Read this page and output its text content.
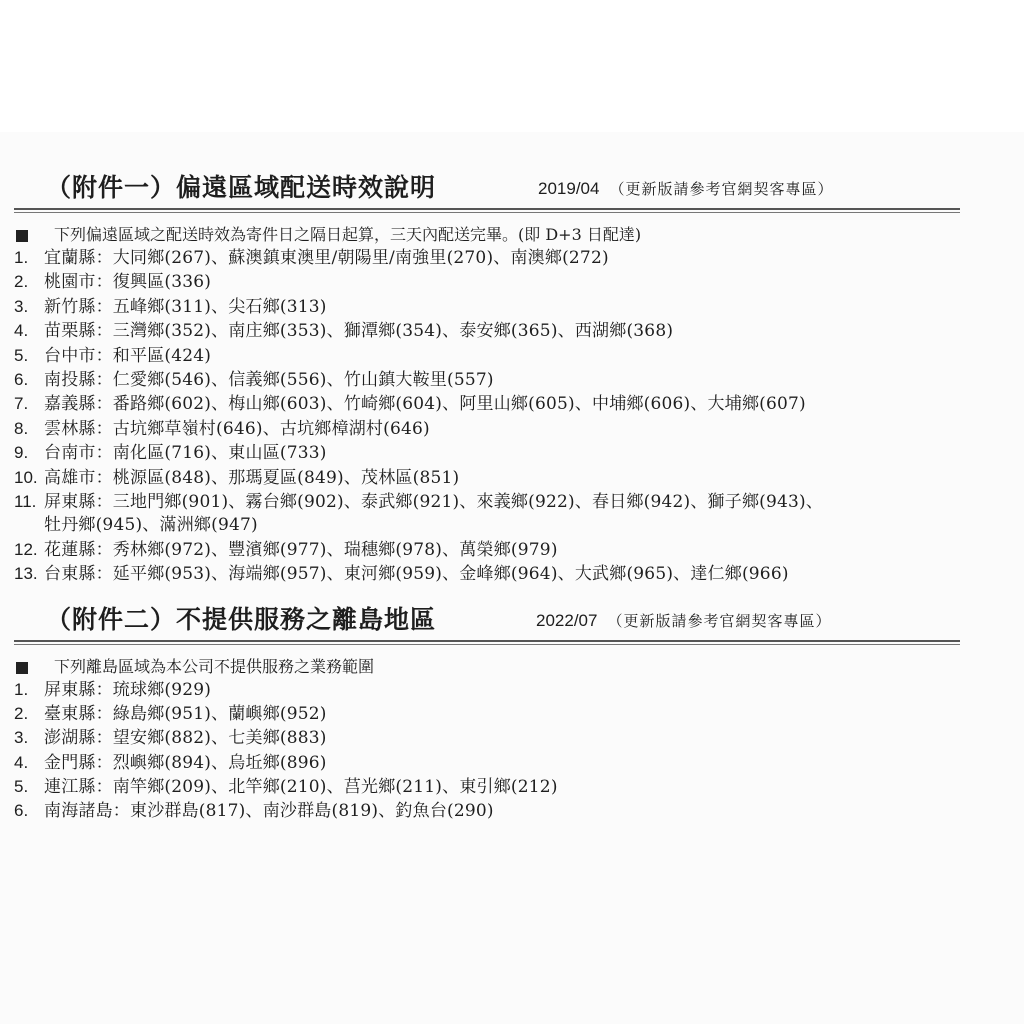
（附件一）偏遠區域配送時效說明	2019/04 （更新版請參考官網契客專區）
下列偏遠區域之配送時效為寄件日之隔日起算，三天內配送完畢。(即 D+3 日配達)
1. 宜蘭縣：大同鄉(267)、蘇澳鎮東澳里/朝陽里/南強里(270)、南澳鄉(272)
2. 桃園市：復興區(336)
3. 新竹縣：五峰鄉(311)、尖石鄉(313)
4. 苗栗縣：三灣鄉(352)、南庄鄉(353)、獅潭鄉(354)、泰安鄉(365)、西湖鄉(368)
5. 台中市：和平區(424)
6. 南投縣：仁愛鄉(546)、信義鄉(556)、竹山鎮大鞍里(557)
7. 嘉義縣：番路鄉(602)、梅山鄉(603)、竹崎鄉(604)、阿里山鄉(605)、中埔鄉(606)、大埔鄉(607)
8. 雲林縣：古坑鄉草嶺村(646)、古坑鄉樟湖村(646)
9. 台南市：南化區(716)、東山區(733)
10. 高雄市：桃源區(848)、那瑪夏區(849)、茂林區(851)
11. 屏東縣：三地門鄉(901)、霧台鄉(902)、泰武鄉(921)、來義鄉(922)、春日鄉(942)、獅子鄉(943)、
牡丹鄉(945)、滿洲鄉(947)
12. 花蓮縣：秀林鄉(972)、豐濱鄉(977)、瑞穗鄉(978)、萬榮鄉(979)
13. 台東縣：延平鄉(953)、海端鄉(957)、東河鄉(959)、金峰鄉(964)、大武鄉(965)、達仁鄉(966)
（附件二）不提供服務之離島地區	2022/07 （更新版請參考官網契客專區）
下列離島區域為本公司不提供服務之業務範圍
1. 屏東縣：琉球鄉(929)
2. 臺東縣：綠島鄉(951)、蘭嶼鄉(952)
3. 澎湖縣：望安鄉(882)、七美鄉(883)
4. 金門縣：烈嶼鄉(894)、烏坵鄉(896)
5. 連江縣：南竿鄉(209)、北竿鄉(210)、莒光鄉(211)、東引鄉(212)
6. 南海諸島：東沙群島(817)、南沙群島(819)、釣魚台(290)
